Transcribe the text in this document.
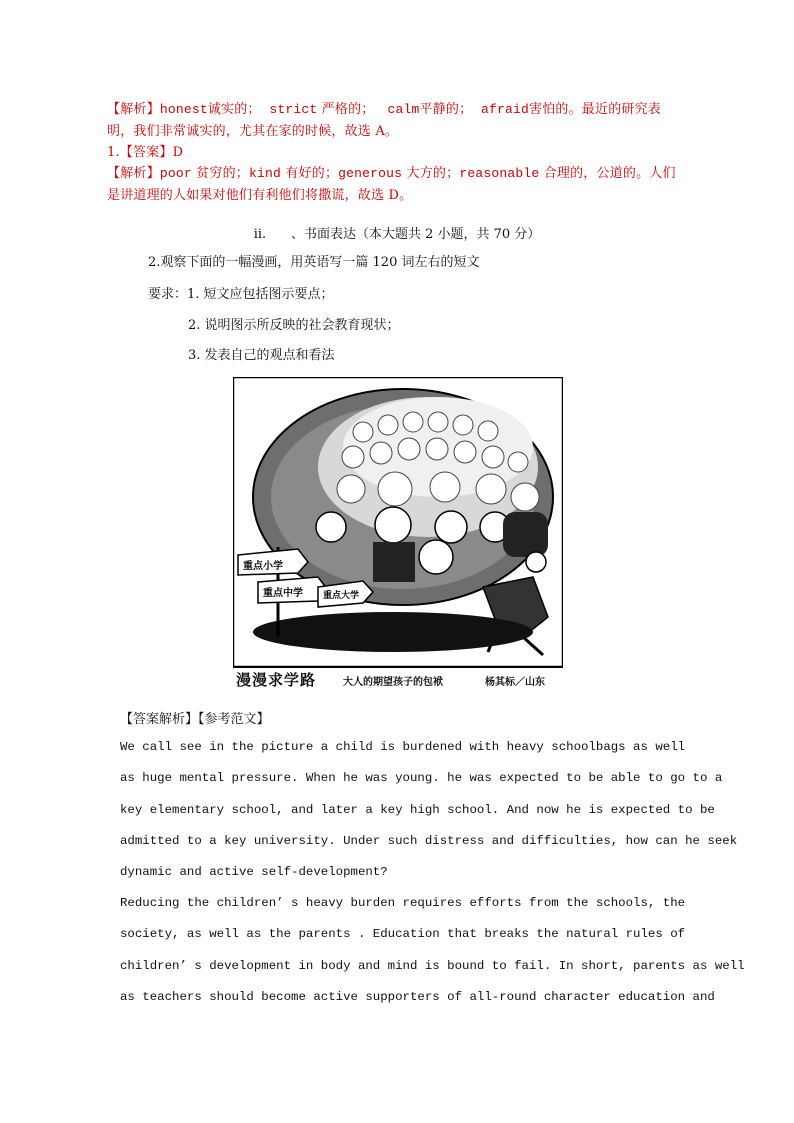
【解析】honest诚实的； strict 严格的； calm平静的； afraid害怕的。最近的研究表
明，我们非常诚实的，尤其在家的时候，故选 A。
1.【答案】D
【解析】poor 贫穷的；kind 有好的；generous 大方的；reasonable 合理的，公道的。人们
是讲道理的人如果对他们有利他们将撒谎，故选 D。
ii. 、书面表达（本大题共 2 小题，共 70 分）
2.观察下面的一幅漫画，用英语写一篇 120 词左右的短文
要求：1. 短文应包括图示要点；
2. 说明图示所反映的社会教育现状；
3. 发表自己的观点和看法
重点小学
重点中学 重点大学
漫漫求学路	大人的期望孩子的包袱	杨其标／山东
【答案解析】【参考范文】
We call see in the picture a child is burdened with heavy schoolbags as well
as huge mental pressure. When he was young. he was expected to be able to go to a
key elementary school, and later a key high school. And now he is expected to be
admitted to a key university. Under such distress and difficulties, how can he seek
dynamic and active self-development?
Reducing the children’ s heavy burden requires efforts from the schools, the
society, as well as the parents . Education that breaks the natural rules of
children’ s development in body and mind is bound to fail. In short, parents as well
as teachers should become active supporters of all-round character education and
